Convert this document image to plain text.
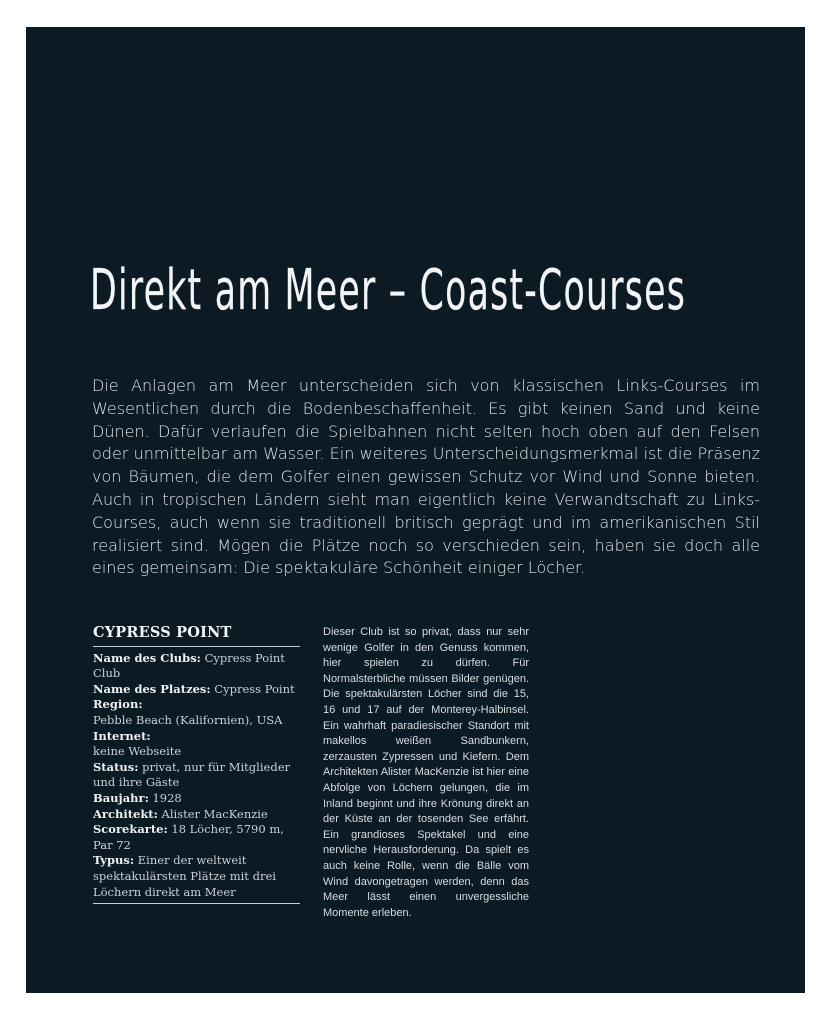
Direkt am Meer – Coast-Courses

Die Anlagen am Meer unterscheiden sich von klassischen Links-Courses im Wesentlichen durch die Bodenbeschaffenheit. Es gibt keinen Sand und keine Dünen. Dafür verlaufen die Spielbahnen nicht selten hoch oben auf den Felsen oder unmittelbar am Wasser. Ein weiteres Unterscheidungsmerkmal ist die Präsenz von Bäumen, die dem Golfer einen gewissen Schutz vor Wind und Sonne bieten. Auch in tropischen Ländern sieht man eigentlich keine Verwandtschaft zu Links-Courses, auch wenn sie traditionell britisch geprägt und im amerikanischen Stil realisiert sind. Mögen die Plätze noch so verschieden sein, haben sie doch alle eines gemeinsam: Die spektakuläre Schönheit einiger Löcher.

CYPRESS POINT
Name des Clubs: Cypress Point Club
Name des Platzes: Cypress Point
Region:
Pebble Beach (Kalifornien), USA
Internet:
keine Webseite
Status: privat, nur für Mitglieder und ihre Gäste
Baujahr: 1928
Architekt: Alister MacKenzie
Scorekarte: 18 Löcher, 5790 m, Par 72
Typus: Einer der weltweit spektakulärsten Plätze mit drei Löchern direkt am Meer

Dieser Club ist so privat, dass nur sehr wenige Golfer in den Genuss kommen, hier spielen zu dürfen. Für Normalsterbliche müssen Bilder genügen. Die spektakulärsten Löcher sind die 15, 16 und 17 auf der Monterey-Halbinsel. Ein wahrhaft paradiesischer Standort mit makellos weißen Sandbunkern, zerzausten Zypressen und Kiefern. Dem Architekten Alister MacKenzie ist hier eine Abfolge von Löchern gelungen, die im Inland beginnt und ihre Krönung direkt an der Küste an der tosenden See erfährt. Ein grandioses Spektakel und eine nervliche Herausforderung. Da spielt es auch keine Rolle, wenn die Bälle vom Wind davongetragen werden, denn das Meer lässt einen unvergessliche Momente erleben.
